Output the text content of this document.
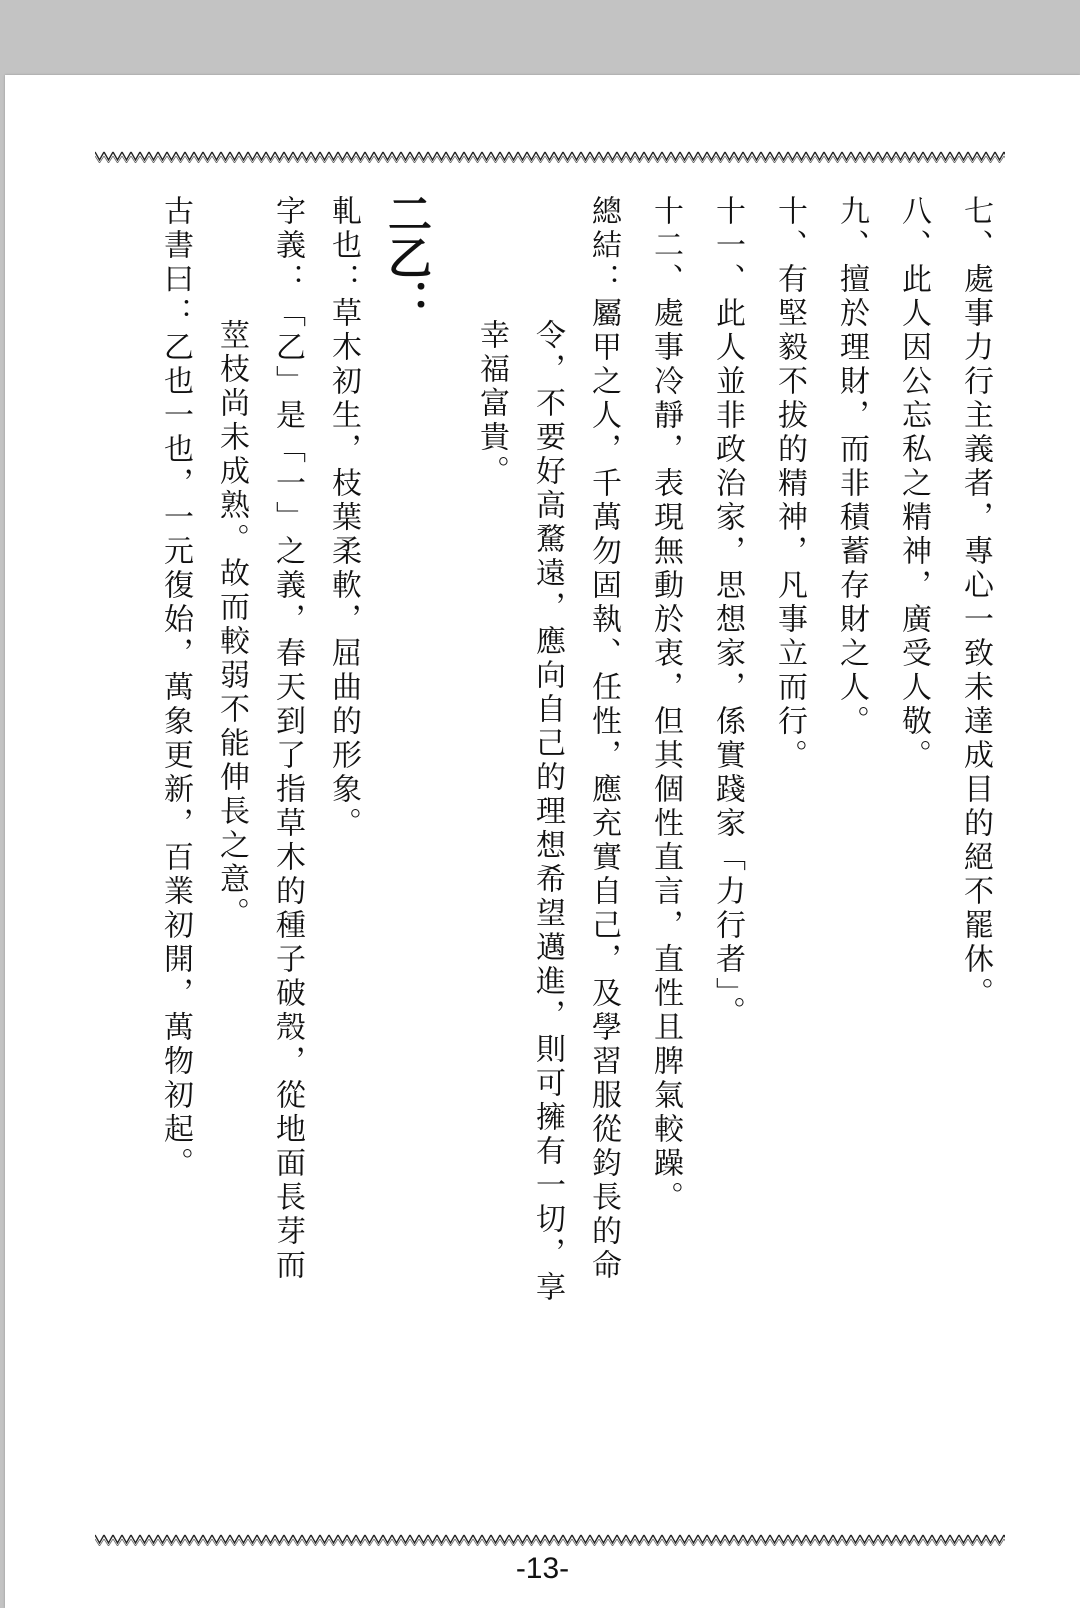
七、處事力行主義者，專心一致未達成目的絕不罷休。
八、此人因公忘私之精神，廣受人敬。
九、擅於理財，而非積蓄存財之人。
十、有堅毅不拔的精神，凡事立而行。
十一、此人並非政治家，思想家，係實踐家「力行者」。
十二、處事冷靜，表現無動於衷，但其個性直言，直性且脾氣較躁。
總結：屬甲之人，千萬勿固執、任性，應充實自己，及學習服從鈞長的命
令，不要好高騖遠，應向自己的理想希望邁進，則可擁有一切，享
幸福富貴。
二乙：
軋也：草木初生，枝葉柔軟，屈曲的形象。
字義：「乙」是「一」之義，春天到了指草木的種子破殼，從地面長芽而
莖枝尚未成熟。故而較弱不能伸長之意。
古書曰：乙也一也，一元復始，萬象更新，百業初開，萬物初起。
-13-
